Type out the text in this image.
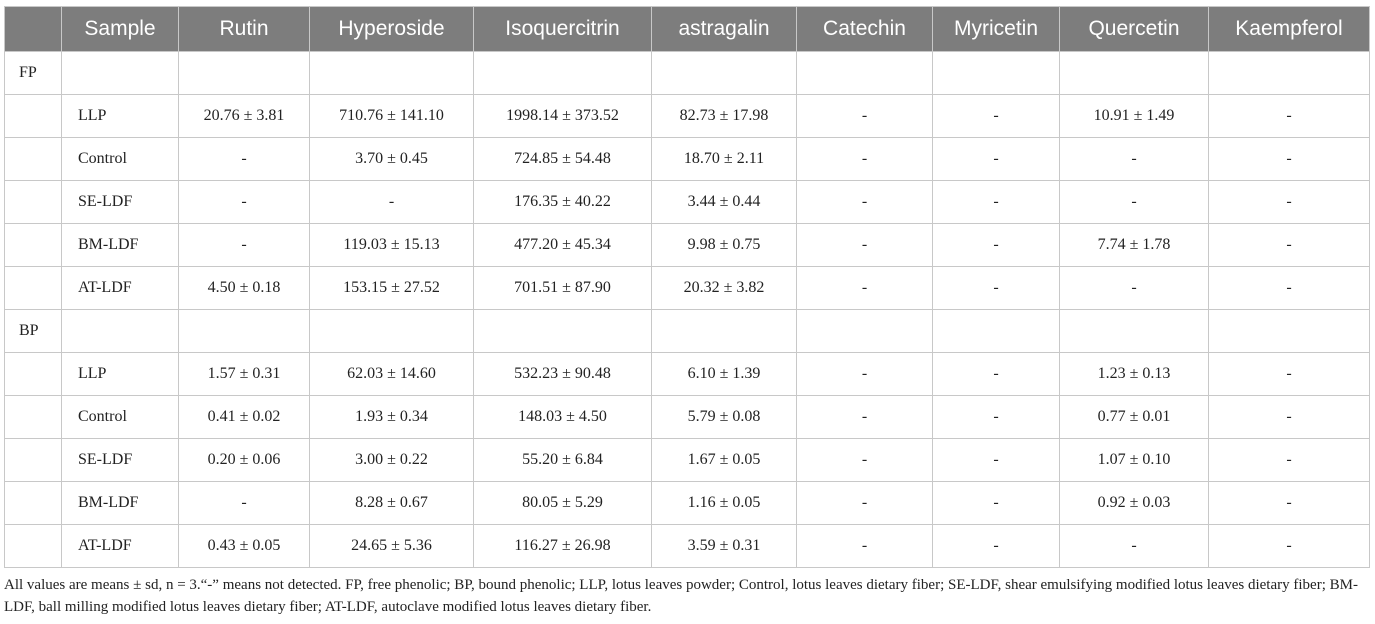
	Sample	Rutin	Hyperoside	Isoquercitrin	astragalin	Catechin	Myricetin	Quercetin	Kaempferol
FP									
	LLP	20.76 ± 3.81	710.76 ± 141.10	1998.14 ± 373.52	82.73 ± 17.98	-	-	10.91 ± 1.49	-
	Control	-	3.70 ± 0.45	724.85 ± 54.48	18.70 ± 2.11	-	-	-	-
	SE-LDF	-	-	176.35 ± 40.22	3.44 ± 0.44	-	-	-	-
	BM-LDF	-	119.03 ± 15.13	477.20 ± 45.34	9.98 ± 0.75	-	-	7.74 ± 1.78	-
	AT-LDF	4.50 ± 0.18	153.15 ± 27.52	701.51 ± 87.90	20.32 ± 3.82	-	-	-	-
BP									
	LLP	1.57 ± 0.31	62.03 ± 14.60	532.23 ± 90.48	6.10 ± 1.39	-	-	1.23 ± 0.13	-
	Control	0.41 ± 0.02	1.93 ± 0.34	148.03 ± 4.50	5.79 ± 0.08	-	-	0.77 ± 0.01	-
	SE-LDF	0.20 ± 0.06	3.00 ± 0.22	55.20 ± 6.84	1.67 ± 0.05	-	-	1.07 ± 0.10	-
	BM-LDF	-	8.28 ± 0.67	80.05 ± 5.29	1.16 ± 0.05	-	-	0.92 ± 0.03	-
	AT-LDF	0.43 ± 0.05	24.65 ± 5.36	116.27 ± 26.98	3.59 ± 0.31	-	-	-	-
All values are means ± sd, n = 3.“-” means not detected. FP, free phenolic; BP, bound phenolic; LLP, lotus leaves powder; Control, lotus leaves dietary fiber; SE-LDF, shear emulsifying modified lotus leaves dietary fiber; BM-LDF, ball milling modified lotus leaves dietary fiber; AT-LDF, autoclave modified lotus leaves dietary fiber.
